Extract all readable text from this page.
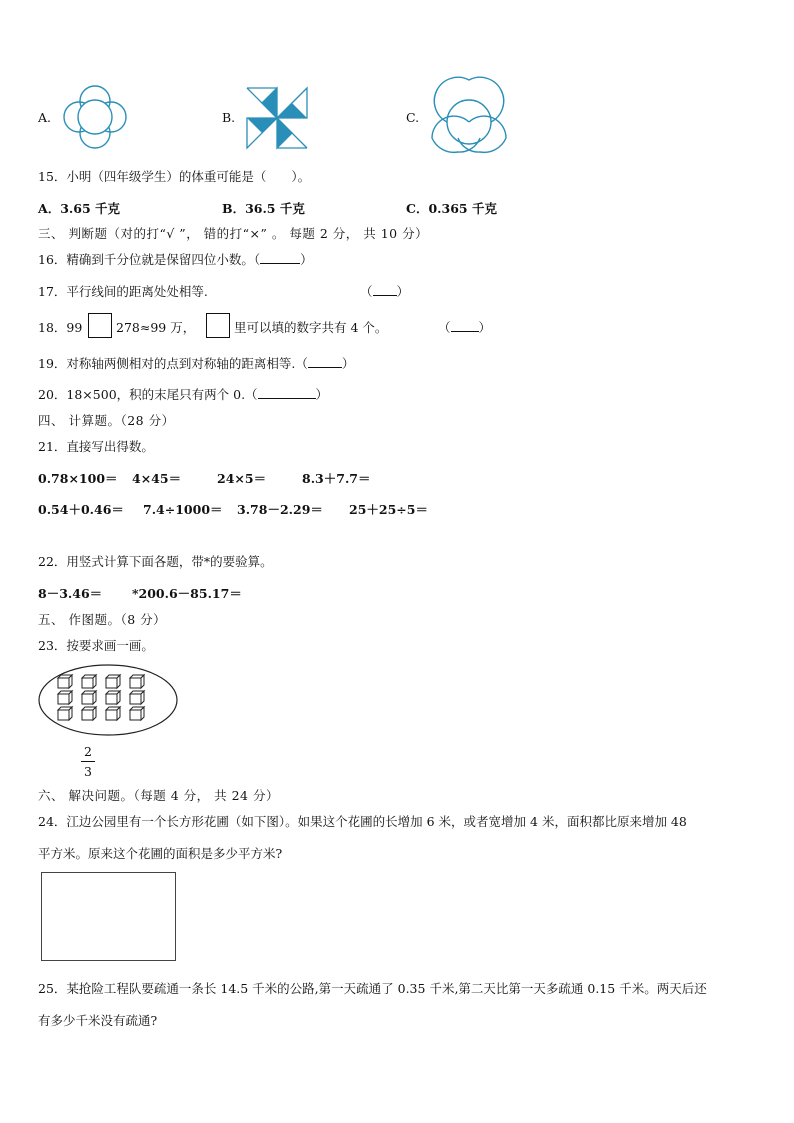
A.	B.	C.
15．小明（四年级学生）的体重可能是（　　）。
A．3.65 千克	B．36.5 千克	C．0.365 千克
三、 判断题（对的打“√ ”， 错的打“×” 。 每题 2 分， 共 10 分）
16．精确到千分位就是保留四位小数。（	）
17．平行线间的距离处处相等.	（ ）
18．99	278≈99 万，	里可以填的数字共有 4 个。	（ ）
19．对称轴两侧相对的点到对称轴的距离相等.（	）
20．18×500，积的末尾只有两个 0.（	）
四、 计算题。（28 分）
21．直接写出得数。
0.78×100＝ 4×45＝	24×5＝	8.3＋7.7＝
0.54＋0.46＝ 7.4÷1000＝ 3.78－2.29＝ 25＋25÷5＝
22．用竖式计算下面各题，带*的要验算。
8－3.46＝ *200.6－85.17＝
五、 作图题。（8 分）
23．按要求画一画。
2
3
六、 解决问题。（每题 4 分， 共 24 分）
24．江边公园里有一个长方形花圃（如下图）。如果这个花圃的长增加 6 米，或者宽增加 4 米，面积都比原来增加 48
平方米。原来这个花圃的面积是多少平方米?
25．某抢险工程队要疏通一条长 14.5 千米的公路,第一天疏通了 0.35 千米,第二天比第一天多疏通 0.15 千米。两天后还
有多少千米没有疏通?
